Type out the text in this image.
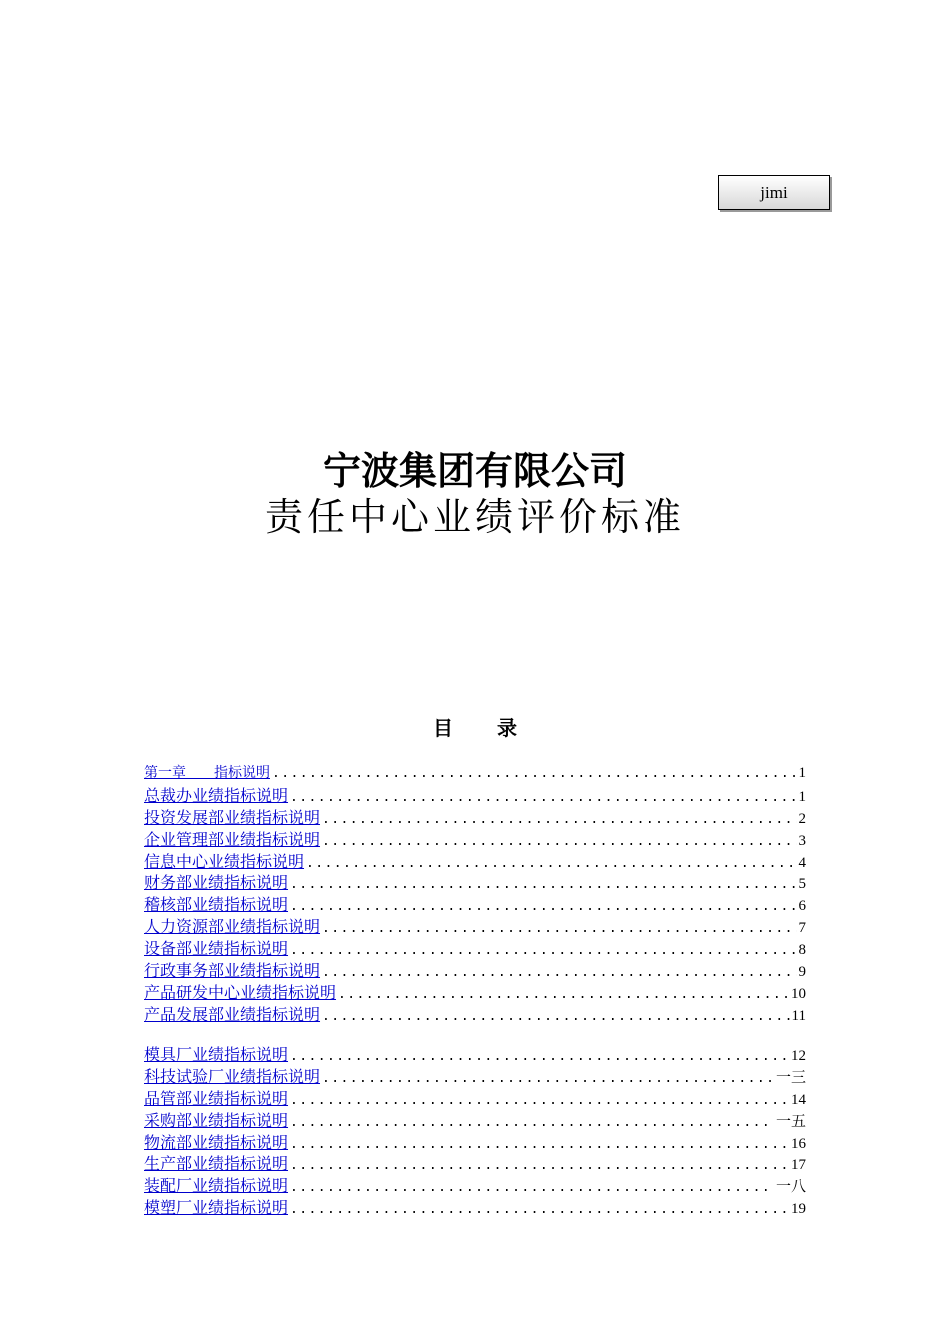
jimi
宁波集团有限公司
责任中心业绩评价标准
目录
第一章　　指标说明 . . .	1
总裁办业绩指标说明 . . .	1
投资发展部业绩指标说明 . . .	2
企业管理部业绩指标说明 . . .	3
信息中心业绩指标说明 . . .	4
财务部业绩指标说明 . . .	5
稽核部业绩指标说明 . . .	6
人力资源部业绩指标说明 . . .	7
设备部业绩指标说明 . . .	8
行政事务部业绩指标说明 . . .	9
产品研发中心业绩指标说明 . . .	10
产品发展部业绩指标说明 . . .	11
模具厂业绩指标说明 . . .	12
科技试验厂业绩指标说明 . . .	一三
品管部业绩指标说明 . . .	14
采购部业绩指标说明 . . .	一五
物流部业绩指标说明 . . .	16
生产部业绩指标说明 . . .	17
装配厂业绩指标说明 . . .	一八
模塑厂业绩指标说明 . . .	19
